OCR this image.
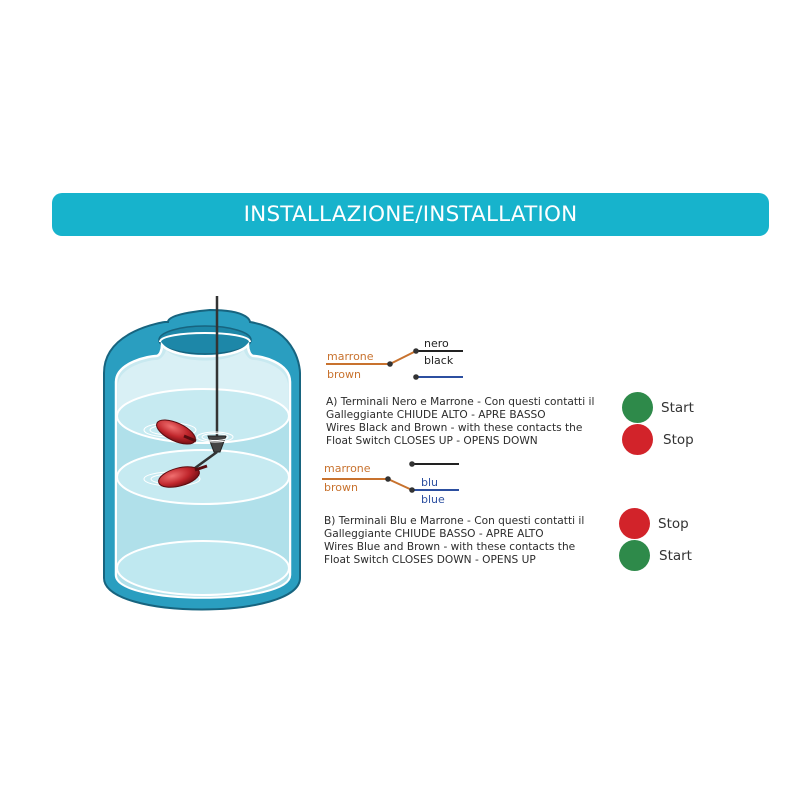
INSTALLAZIONE/INSTALLATION
marrone
brown
nero
black
marrone
brown	blu
blue
A) Terminali Nero e Marrone - Con questi contatti il
Galleggiante CHIUDE ALTO - APRE BASSO
Wires Black and Brown - with these contacts the
Float Switch CLOSES UP - OPENS DOWN
B) Terminali Blu e Marrone - Con questi contatti il
Galleggiante CHIUDE BASSO - APRE ALTO
Wires Blue and Brown - with these contacts the
Float Switch CLOSES DOWN - OPENS UP
Start
Stop
Stop
Start
